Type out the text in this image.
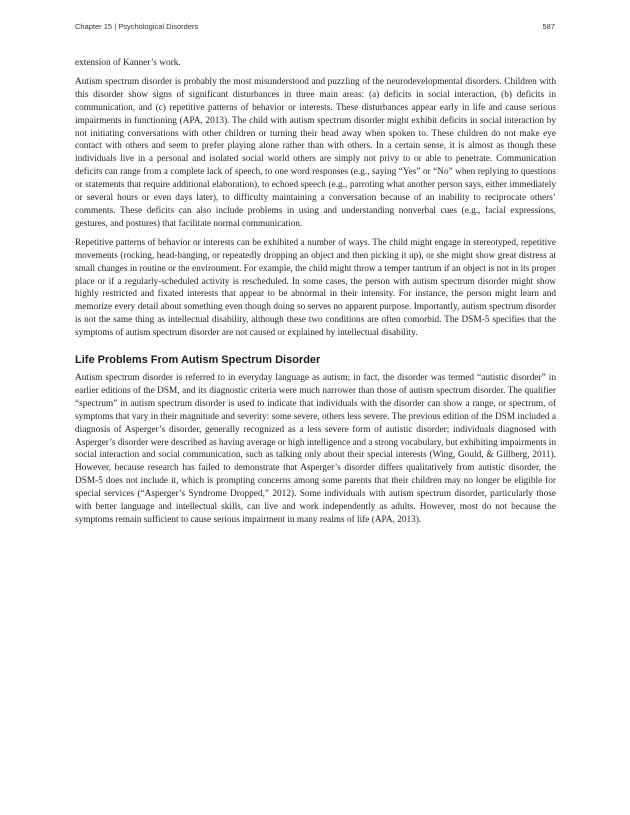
Chapter 15 | Psychological Disorders	587

extension of Kanner’s work.

Autism spectrum disorder is probably the most misunderstood and puzzling of the neurodevelopmental disorders. Children with this disorder show signs of significant disturbances in three main areas: (a) deficits in social interaction, (b) deficits in communication, and (c) repetitive patterns of behavior or interests. These disturbances appear early in life and cause serious impairments in functioning (APA, 2013). The child with autism spectrum disorder might exhibit deficits in social interaction by not initiating conversations with other children or turning their head away when spoken to. These children do not make eye contact with others and seem to prefer playing alone rather than with others. In a certain sense, it is almost as though these individuals live in a personal and isolated social world others are simply not privy to or able to penetrate. Communication deficits can range from a complete lack of speech, to one word responses (e.g., saying “Yes” or “No” when replying to questions or statements that require additional elaboration), to echoed speech (e.g., parroting what another person says, either immediately or several hours or even days later), to difficulty maintaining a conversation because of an inability to reciprocate others’ comments. These deficits can also include problems in using and understanding nonverbal cues (e.g., facial expressions, gestures, and postures) that facilitate normal communication.

Repetitive patterns of behavior or interests can be exhibited a number of ways. The child might engage in stereotyped, repetitive movements (rocking, head-banging, or repeatedly dropping an object and then picking it up), or she might show great distress at small changes in routine or the environment. For example, the child might throw a temper tantrum if an object is not in its proper place or if a regularly-scheduled activity is rescheduled. In some cases, the person with autism spectrum disorder might show highly restricted and fixated interests that appear to be abnormal in their intensity. For instance, the person might learn and memorize every detail about something even though doing so serves no apparent purpose. Importantly, autism spectrum disorder is not the same thing as intellectual disability, although these two conditions are often comorbid. The DSM-5 specifies that the symptoms of autism spectrum disorder are not caused or explained by intellectual disability.

Life Problems From Autism Spectrum Disorder

Autism spectrum disorder is referred to in everyday language as autism; in fact, the disorder was termed “autistic disorder” in earlier editions of the DSM, and its diagnostic criteria were much narrower than those of autism spectrum disorder. The qualifier “spectrum” in autism spectrum disorder is used to indicate that individuals with the disorder can show a range, or spectrum, of symptoms that vary in their magnitude and severity: some severe, others less severe. The previous edition of the DSM included a diagnosis of Asperger’s disorder, generally recognized as a less severe form of autistic disorder; individuals diagnosed with Asperger’s disorder were described as having average or high intelligence and a strong vocabulary, but exhibiting impairments in social interaction and social communication, such as talking only about their special interests (Wing, Gould, & Gillberg, 2011). However, because research has failed to demonstrate that Asperger’s disorder differs qualitatively from autistic disorder, the DSM-5 does not include it, which is prompting concerns among some parents that their children may no longer be eligible for special services (“Asperger’s Syndrome Dropped,” 2012). Some individuals with autism spectrum disorder, particularly those with better language and intellectual skills, can live and work independently as adults. However, most do not because the symptoms remain sufficient to cause serious impairment in many realms of life (APA, 2013).
